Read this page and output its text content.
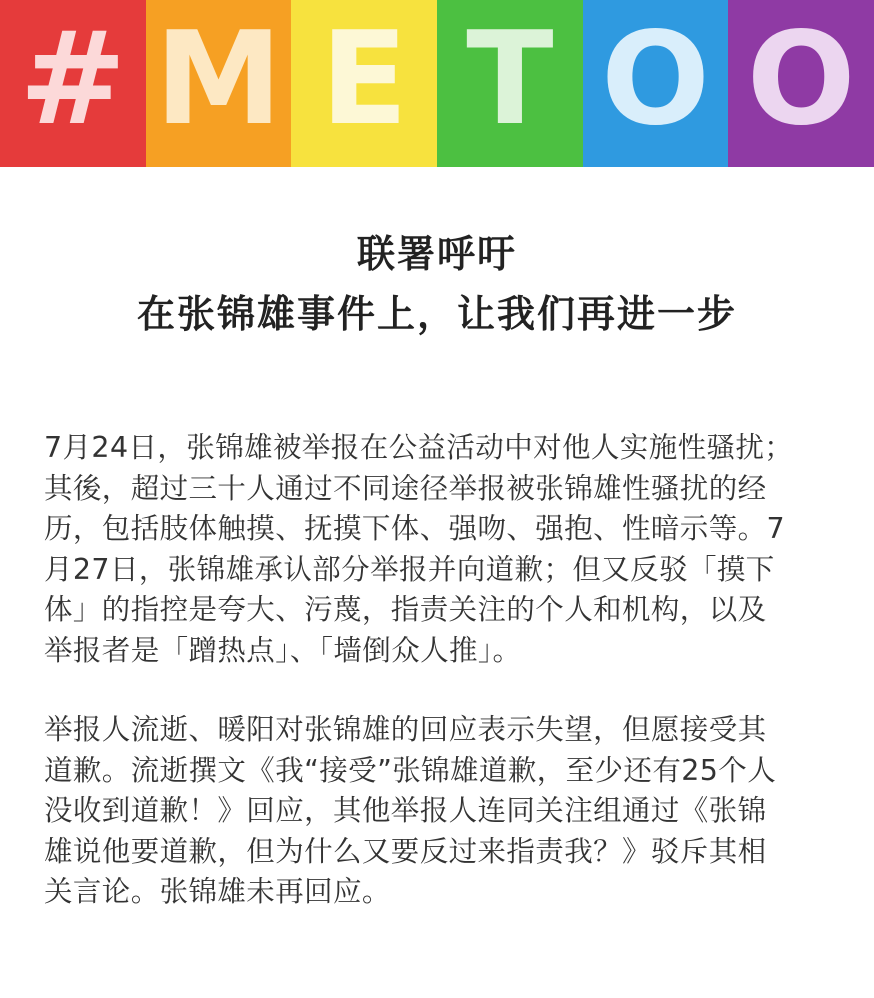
# M E T O O
联署呼吁
在张锦雄事件上，让我们再进一步

7月24日，张锦雄被举报在公益活动中对他人实施性骚扰；
其後，超过三十人通过不同途径举报被张锦雄性骚扰的经
历，包括肢体触摸、抚摸下体、强吻、强抱、性暗示等。7
月27日，张锦雄承认部分举报并向道歉；但又反驳「摸下
体」的指控是夸大、污蔑，指责关注的个人和机构，以及
举报者是「蹭热点」、「墙倒众人推」。

举报人流逝、暖阳对张锦雄的回应表示失望，但愿接受其
道歉。流逝撰文《我“接受”张锦雄道歉，至少还有25个人
没收到道歉！》回应，其他举报人连同关注组通过《张锦
雄说他要道歉，但为什么又要反过来指责我？》驳斥其相
关言论。张锦雄未再回应。
